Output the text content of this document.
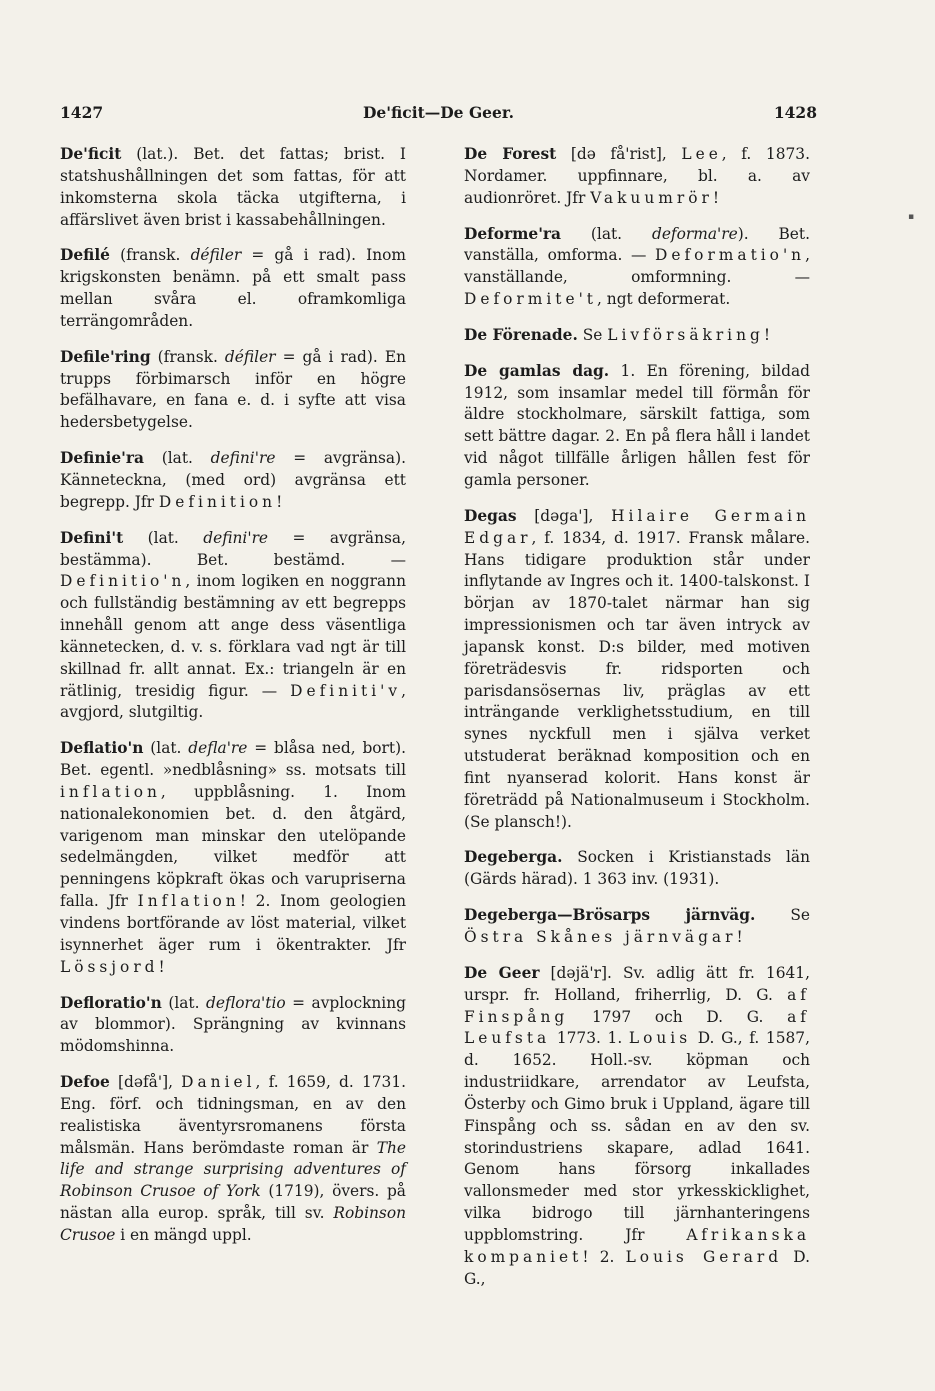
1427	De'ficit—De Geer.	1428

De'ficit (lat.). Bet. det fattas; brist. I statshushållningen det som fattas, för att inkomsterna skola täcka utgifterna, i affärslivet även brist i kassabehållningen.

Defilé (fransk. défiler = gå i rad). Inom krigskonsten benämn. på ett smalt pass mellan svåra el. oframkomliga terrängområden.

Defile'ring (fransk. défiler = gå i rad). En trupps förbimarsch inför en högre befälhavare, en fana e. d. i syfte att visa hedersbetygelse.

Definie'ra (lat. defini're = avgränsa). Känneteckna, (med ord) avgränsa ett begrepp. Jfr Definition!

Defini't (lat. defini're = avgränsa, bestämma). Bet. bestämd. — Definitio'n, inom logiken en noggrann och fullständig bestämning av ett begrepps innehåll genom att ange dess väsentliga kännetecken, d. v. s. förklara vad ngt är till skillnad fr. allt annat. Ex.: triangeln är en rätlinig, tresidig figur. — Definiti'v, avgjord, slutgiltig.

Deflatio'n (lat. defla're = blåsa ned, bort). Bet. egentl. »nedblåsning» ss. motsats till inflation, uppblåsning. 1. Inom nationalekonomien bet. d. den åtgärd, varigenom man minskar den utelöpande sedelmängden, vilket medför att penningens köpkraft ökas och varupriserna falla. Jfr Inflation! 2. Inom geologien vindens bortförande av löst material, vilket isynnerhet äger rum i ökentrakter. Jfr Lössjord!

Defloratio'n (lat. deflora'tio = avplockning av blommor). Sprängning av kvinnans mödomshinna.

Defoe [dəfå'], Daniel, f. 1659, d. 1731. Eng. förf. och tidningsman, en av den realistiska äventyrsromanens första målsmän. Hans berömdaste roman är The life and strange surprising adventures of Robinson Crusoe of York (1719), övers. på nästan alla europ. språk, till sv. Robinson Crusoe i en mängd uppl.

De Forest [də få'rist], Lee, f. 1873. Nordamer. uppfinnare, bl. a. av audionröret. Jfr Vakuumrör!

Deforme'ra (lat. deforma're). Bet. vanställa, omforma. — Deformatio'n, vanställande, omformning. — Deformite't, ngt deformerat.

De Förenade. Se Livförsäkring!

De gamlas dag. 1. En förening, bildad 1912, som insamlar medel till förmån för äldre stockholmare, särskilt fattiga, som sett bättre dagar. 2. En på flera håll i landet vid något tillfälle årligen hållen fest för gamla personer.

Degas [dəga'], Hilaire Germain Edgar, f. 1834, d. 1917. Fransk målare. Hans tidigare produktion står under inflytande av Ingres och it. 1400-talskonst. I början av 1870-talet närmar han sig impressionismen och tar även intryck av japansk konst. D:s bilder, med motiven företrädesvis fr. ridsporten och parisdansösernas liv, präglas av ett inträngande verklighetsstudium, en till synes nyckfull men i själva verket utstuderat beräknad komposition och en fint nyanserad kolorit. Hans konst är företrädd på Nationalmuseum i Stockholm. (Se plansch!).

Degeberga. Socken i Kristianstads län (Gärds härad). 1 363 inv. (1931).

Degeberga—Brösarps järnväg. Se Östra Skånes järnvägar!

De Geer [dəjä'r]. Sv. adlig ätt fr. 1641, urspr. fr. Holland, friherrlig, D. G. af Finspång 1797 och D. G. af Leufsta 1773. 1. Louis D. G., f. 1587, d. 1652. Holl.-sv. köpman och industriidkare, arrendator av Leufsta, Österby och Gimo bruk i Uppland, ägare till Finspång och ss. sådan en av den sv. storindustriens skapare, adlad 1641. Genom hans försorg inkallades vallonsmeder med stor yrkesskicklighet, vilka bidrogo till järnhanteringens uppblomstring. Jfr Afrikanska kompaniet! 2. Louis Gerard D. G.,

▪
